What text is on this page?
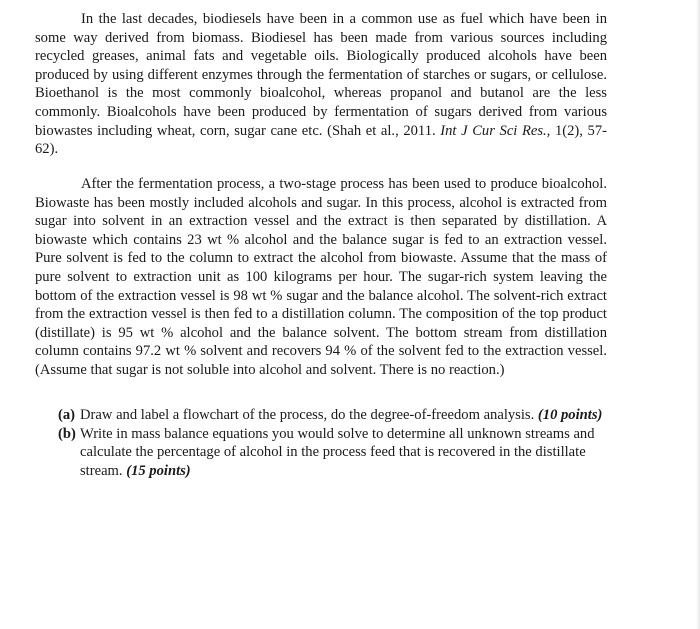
In the last decades, biodiesels have been in a common use as fuel which have been in some way derived from biomass. Biodiesel has been made from various sources including recycled greases, animal fats and vegetable oils. Biologically produced alcohols have been produced by using different enzymes through the fermentation of starches or sugars, or cellulose. Bioethanol is the most commonly bioalcohol, whereas propanol and butanol are the less commonly. Bioalcohols have been produced by fermentation of sugars derived from various biowastes including wheat, corn, sugar cane etc. (Shah et al., 2011. Int J Cur Sci Res., 1(2), 57-62).

After the fermentation process, a two-stage process has been used to produce bioalcohol. Biowaste has been mostly included alcohols and sugar. In this process, alcohol is extracted from sugar into solvent in an extraction vessel and the extract is then separated by distillation. A biowaste which contains 23 wt % alcohol and the balance sugar is fed to an extraction vessel. Pure solvent is fed to the column to extract the alcohol from biowaste. Assume that the mass of pure solvent to extraction unit as 100 kilograms per hour. The sugar-rich system leaving the bottom of the extraction vessel is 98 wt % sugar and the balance alcohol. The solvent-rich extract from the extraction vessel is then fed to a distillation column. The composition of the top product (distillate) is 95 wt % alcohol and the balance solvent. The bottom stream from distillation column contains 97.2 wt % solvent and recovers 94 % of the solvent fed to the extraction vessel. (Assume that sugar is not soluble into alcohol and solvent. There is no reaction.)

(a) Draw and label a flowchart of the process, do the degree-of-freedom analysis. (10 points)
(b) Write in mass balance equations you would solve to determine all unknown streams and calculate the percentage of alcohol in the process feed that is recovered in the distillate stream. (15 points)
